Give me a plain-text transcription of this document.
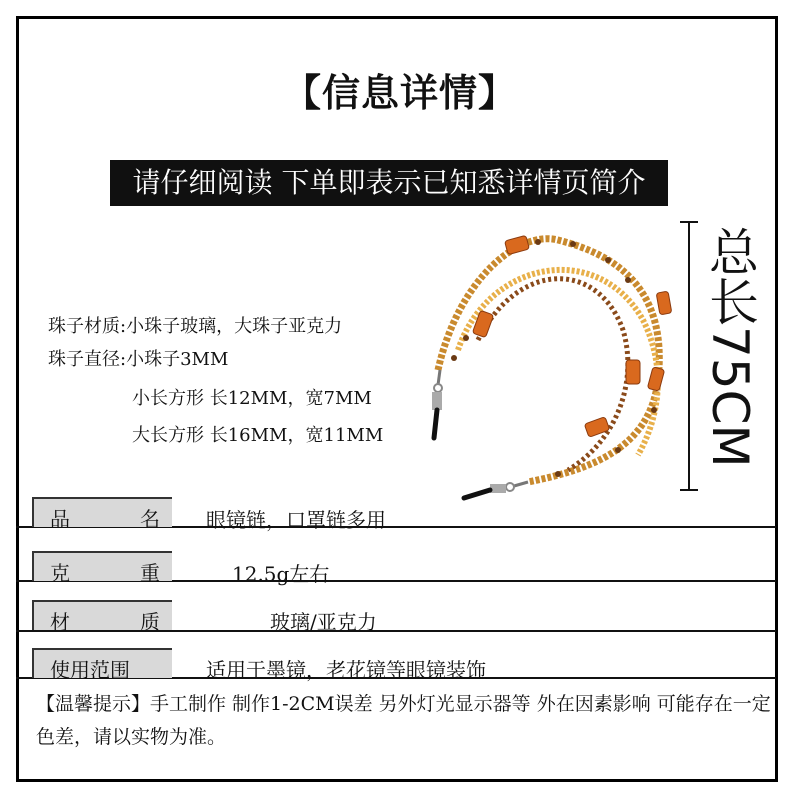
【信息详情】
请仔细阅读 下单即表示已知悉详情页简介
珠子材质:小珠子玻璃，大珠子亚克力
珠子直径:小珠子3MM
小长方形 长12MM，宽7MM
大长方形 长16MM，宽11MM	总长75CM
品	名 眼镜链，口罩链多用
克	重	12.5g左右
材	质	玻璃/亚克力
使用范围	适用于墨镜，老花镜等眼镜装饰
【温馨提示】手工制作 制作1-2CM误差 另外灯光显示器等 外在因素影响 可能存在一定色差，请以实物为准。
